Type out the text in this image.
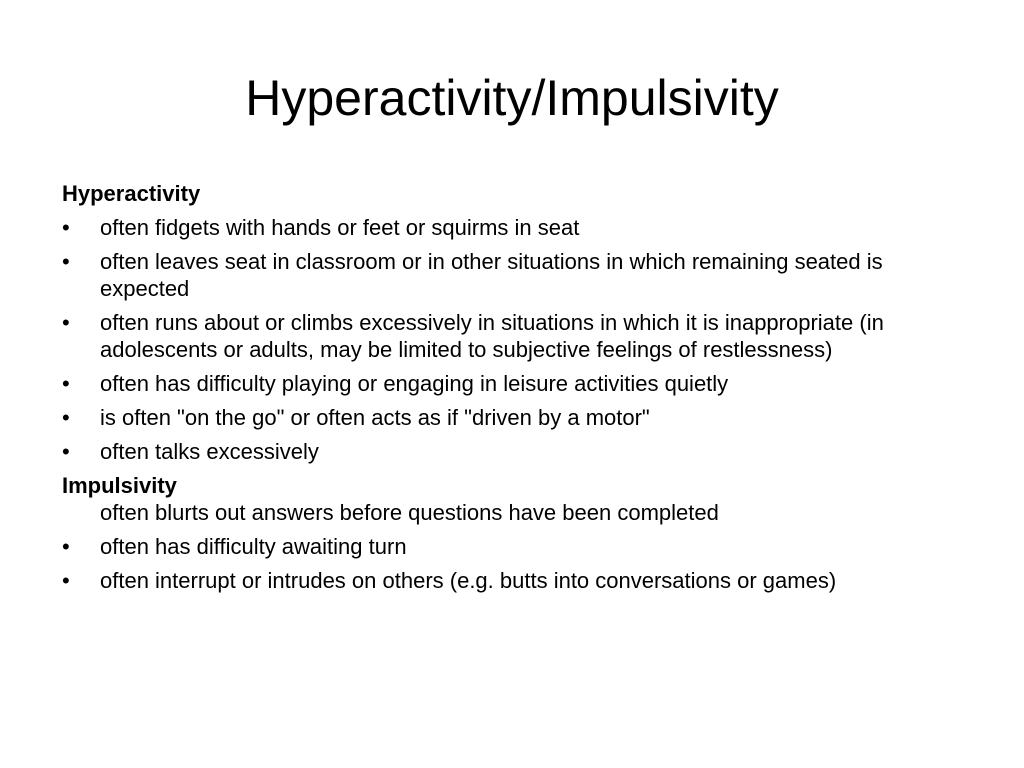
Hyperactivity/Impulsivity
Hyperactivity
•	often fidgets with hands or feet or squirms in seat
•	often leaves seat in classroom or in other situations in which remaining seated is expected
•	often runs about or climbs excessively in situations in which it is inappropriate (in adolescents or adults, may be limited to subjective feelings of restlessness)
•	often has difficulty playing or engaging in leisure activities quietly
•	is often "on the go" or often acts as if "driven by a motor"
•	often talks excessively
Impulsivity
often blurts out answers before questions have been completed
•	often has difficulty awaiting turn
•	often interrupt or intrudes on others (e.g. butts into conversations or games)
